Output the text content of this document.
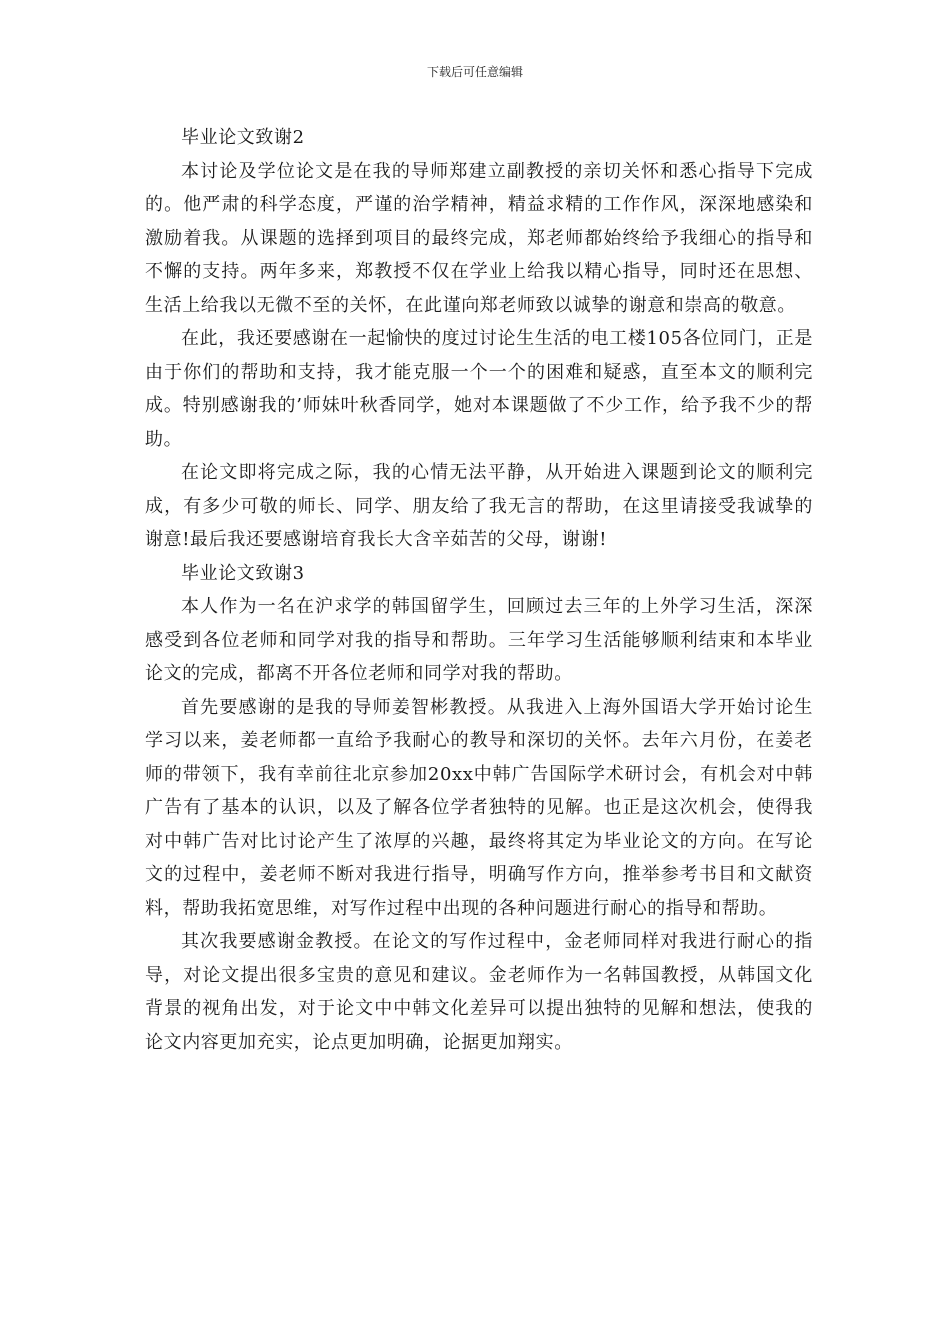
下载后可任意编辑

毕业论文致谢2

本讨论及学位论文是在我的导师郑建立副教授的亲切关怀和悉心指导下完成的。他严肃的科学态度，严谨的治学精神，精益求精的工作作风，深深地感染和激励着我。从课题的选择到项目的最终完成，郑老师都始终给予我细心的指导和不懈的支持。两年多来，郑教授不仅在学业上给我以精心指导，同时还在思想、生活上给我以无微不至的关怀，在此谨向郑老师致以诚挚的谢意和崇高的敬意。

在此，我还要感谢在一起愉快的度过讨论生生活的电工楼105各位同门，正是由于你们的帮助和支持，我才能克服一个一个的困难和疑惑，直至本文的顺利完成。特别感谢我的’师妹叶秋香同学，她对本课题做了不少工作，给予我不少的帮助。

在论文即将完成之际，我的心情无法平静，从开始进入课题到论文的顺利完成，有多少可敬的师长、同学、朋友给了我无言的帮助，在这里请接受我诚挚的谢意!最后我还要感谢培育我长大含辛茹苦的父母，谢谢!

毕业论文致谢3

本人作为一名在沪求学的韩国留学生，回顾过去三年的上外学习生活，深深感受到各位老师和同学对我的指导和帮助。三年学习生活能够顺利结束和本毕业论文的完成，都离不开各位老师和同学对我的帮助。

首先要感谢的是我的导师姜智彬教授。从我进入上海外国语大学开始讨论生学习以来，姜老师都一直给予我耐心的教导和深切的关怀。去年六月份，在姜老师的带领下，我有幸前往北京参加20xx中韩广告国际学术研讨会，有机会对中韩广告有了基本的认识，以及了解各位学者独特的见解。也正是这次机会，使得我对中韩广告对比讨论产生了浓厚的兴趣，最终将其定为毕业论文的方向。在写论文的过程中，姜老师不断对我进行指导，明确写作方向，推举参考书目和文献资料，帮助我拓宽思维，对写作过程中出现的各种问题进行耐心的指导和帮助。

其次我要感谢金教授。在论文的写作过程中，金老师同样对我进行耐心的指导，对论文提出很多宝贵的意见和建议。金老师作为一名韩国教授，从韩国文化背景的视角出发，对于论文中中韩文化差异可以提出独特的见解和想法，使我的论文内容更加充实，论点更加明确，论据更加翔实。
